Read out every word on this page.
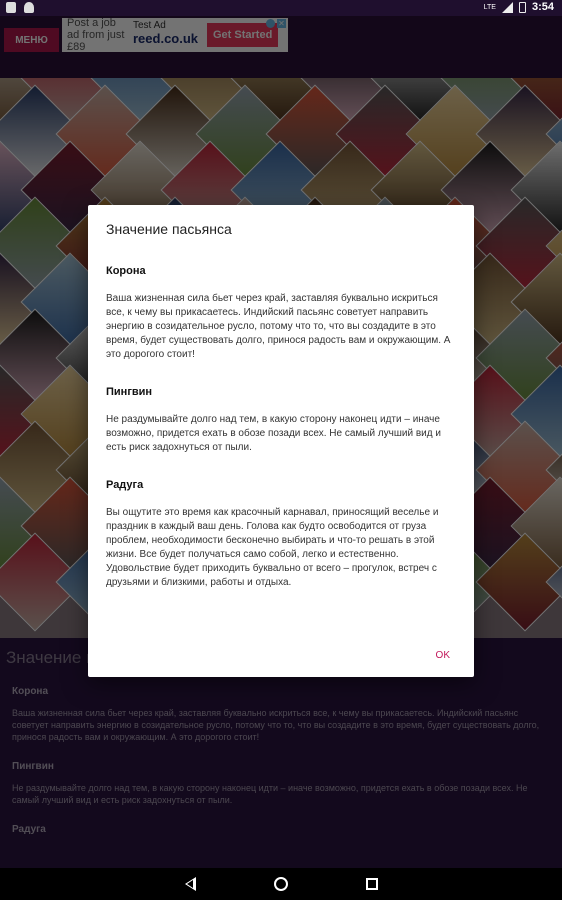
LTE	3:54
Значение пасьянса
Корона
Ваша жизненная сила бьет через край, заставляя буквально искриться все, к чему вы прикасаетесь. Индийский пасьянс советует направить энергию в созидательное русло, потому что то, что вы создадите в это время, будет существовать долго, принося радость вам и окружающим. А это дорогого стоит!
Пингвин
Не раздумывайте долго над тем, в какую сторону наконец идти – иначе возможно, придется ехать в обозе позади всех. Не самый лучший вид и есть риск задохнуться от пыли.
Радуга
Вы ощутите это время как красочный карнавал, приносящий веселье и праздник в каждый ваш день. Голова как будто освободится от груза проблем, необходимости бесконечно выбирать и что-то решать в этой жизни. Все будет получаться само собой, легко и естественно. Удовольствие будет приходить буквально от всего – прогулок, встреч с друзьями и близкими, работы и отдыха.
OK
